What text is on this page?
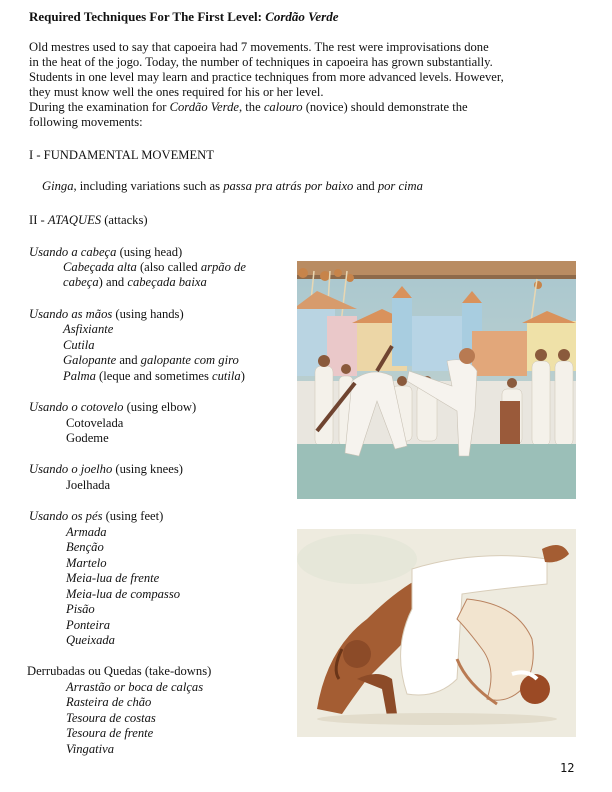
Required Techniques For The First Level: Cordão Verde
Old mestres used to say that capoeira had 7 movements. The rest were improvisations done
in the heat of the jogo. Today, the number of techniques in capoeira has grown substantially.
Students in one level may learn and practice techniques from more advanced levels. However,
they must know well the ones required for his or her level.
During the examination for Cordão Verde, the calouro (novice) should demonstrate the
following movements:
I - FUNDAMENTAL MOVEMENT
Ginga, including variations such as passa pra atrás por baixo and por cima
II - ATAQUES (attacks)
Usando a cabeça (using head)
Cabeçada alta (also called arpão de
cabeça) and cabeçada baixa
Usando as mãos (using hands)
Asfixiante
Cutila
Galopante and galopante com giro
Palma (leque and sometimes cutila)
Usando o cotovelo (using elbow)
Cotovelada
Godeme
Usando o joelho (using knees)
Joelhada
Usando os pés (using feet)
Armada
Benção
Martelo
Meia-lua de frente
Meia-lua de compasso
Pisão
Ponteira
Queixada
Derrubadas ou Quedas (take-downs)
Arrastão or boca de calças
Rasteira de chão
Tesoura de costas
Tesoura de frente
Vingativa
12
